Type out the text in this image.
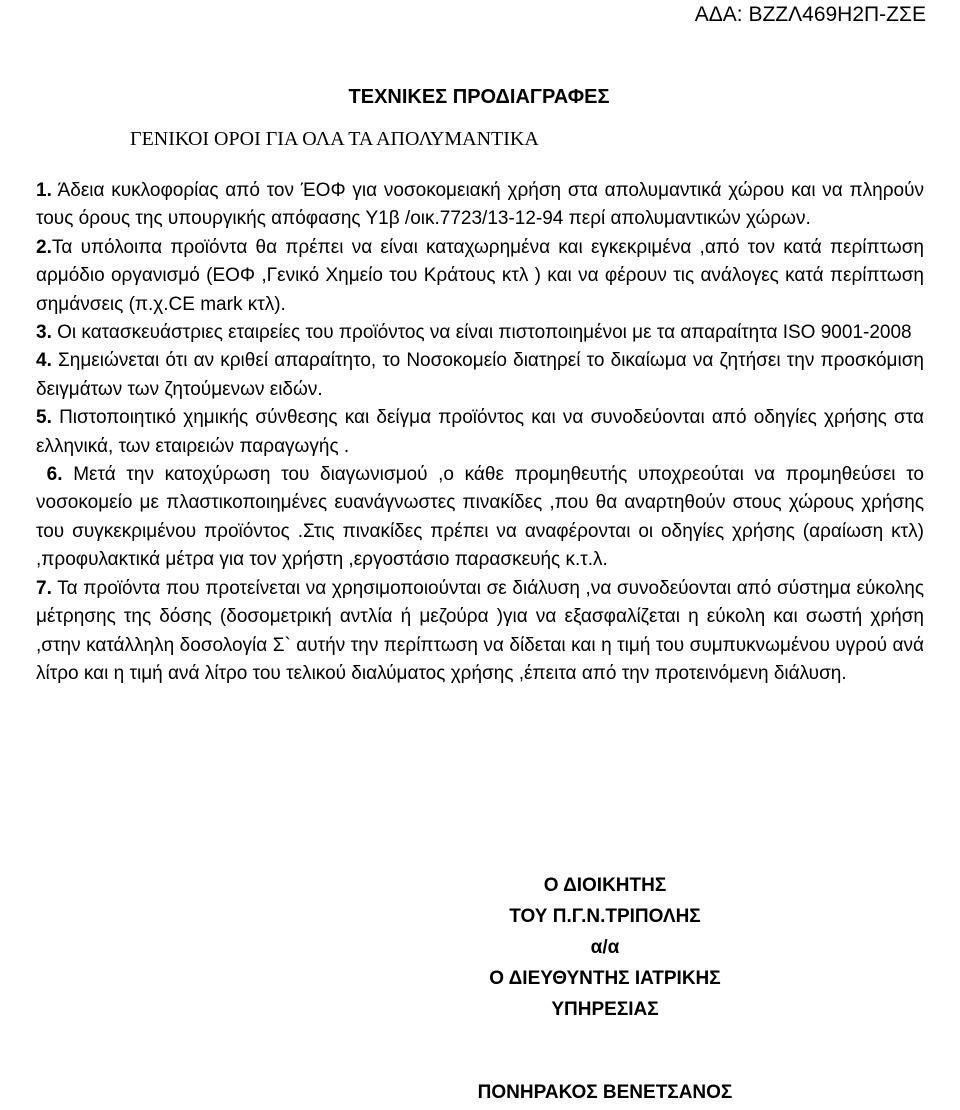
ΑΔΑ: ΒΖΖΛ469Η2Π-ΖΣΕ
ΤΕΧΝΙΚΕΣ ΠΡΟΔΙΑΓΡΑΦΕΣ
ΓΕΝΙΚΟΙ ΟΡΟΙ ΓΙΑ ΟΛΑ ΤΑ ΑΠΟΛΥΜΑΝΤΙΚΑ

1. Άδεια κυκλοφορίας από τον ΈΟΦ για νοσοκομειακή χρήση στα απολυμαντικά χώρου και να πληρούν τους όρους της υπουργικής απόφασης Υ1β /οικ.7723/13-12-94 περί απολυμαντικών χώρων.

2.Τα υπόλοιπα προϊόντα θα πρέπει να είναι καταχωρημένα και εγκεκριμένα ,από τον κατά περίπτωση αρμόδιο οργανισμό (ΕΟΦ ,Γενικό Χημείο του Κράτους κτλ ) και να φέρουν τις ανάλογες κατά περίπτωση σημάνσεις (π.χ.CE mark κτλ).

3. Οι κατασκευάστριες εταιρείες του προϊόντος να είναι πιστοποιημένοι με τα απαραίτητα ISO 9001-2008

4. Σημειώνεται ότι αν κριθεί απαραίτητο, το Νοσοκομείο διατηρεί το δικαίωμα να ζητήσει την προσκόμιση δειγμάτων των ζητούμενων ειδών.

5. Πιστοποιητικό χημικής σύνθεσης και δείγμα προϊόντος και να συνοδεύονται από οδηγίες χρήσης στα ελληνικά, των εταιρειών παραγωγής .

6. Μετά την κατοχύρωση του διαγωνισμού ,ο κάθε προμηθευτής υποχρεούται να προμηθεύσει το νοσοκομείο με πλαστικοποιημένες ευανάγνωστες πινακίδες ,που θα αναρτηθούν στους χώρους χρήσης του συγκεκριμένου προϊόντος .Στις πινακίδες πρέπει να αναφέρονται οι οδηγίες χρήσης (αραίωση κτλ) ,προφυλακτικά μέτρα για τον χρήστη ,εργοστάσιο παρασκευής κ.τ.λ.

7. Τα προϊόντα που προτείνεται να χρησιμοποιούνται σε διάλυση ,να συνοδεύονται από σύστημα εύκολης μέτρησης της δόσης (δοσομετρική αντλία ή μεζούρα )για να εξασφαλίζεται η εύκολη και σωστή χρήση ,στην κατάλληλη δοσολογία Σ` αυτήν την περίπτωση να δίδεται και η τιμή του συμπυκνωμένου υγρού ανά λίτρο και η τιμή ανά λίτρο του τελικού διαλύματος χρήσης ,έπειτα από την προτεινόμενη διάλυση.

Ο ΔΙΟΙΚΗΤΗΣ
ΤΟΥ Π.Γ.Ν.ΤΡΙΠΟΛΗΣ
α/α
Ο ΔΙΕΥΘΥΝΤΗΣ ΙΑΤΡΙΚΗΣ
ΥΠΗΡΕΣΙΑΣ
ΠΟΝΗΡΑΚΟΣ ΒΕΝΕΤΣΑΝΟΣ
